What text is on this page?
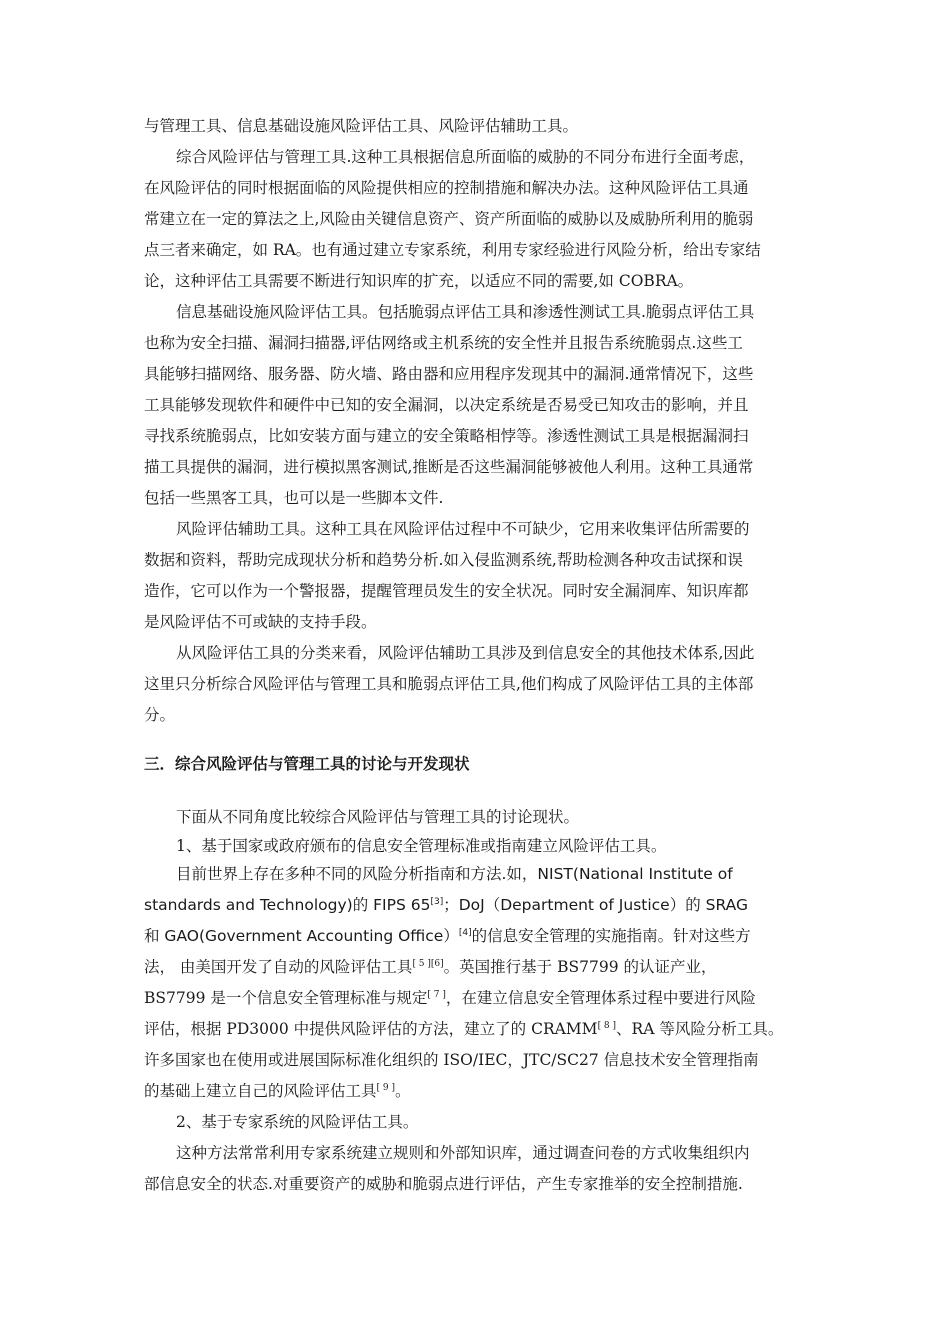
与管理工具、信息基础设施风险评估工具、风险评估辅助工具。
综合风险评估与管理工具.这种工具根据信息所面临的威胁的不同分布进行全面考虑，
在风险评估的同时根据面临的风险提供相应的控制措施和解决办法。这种风险评估工具通
常建立在一定的算法之上,风险由关键信息资产、资产所面临的威胁以及威胁所利用的脆弱
点三者来确定，如 RA。也有通过建立专家系统，利用专家经验进行风险分析，给出专家结
论，这种评估工具需要不断进行知识库的扩充，以适应不同的需要,如 COBRA。
信息基础设施风险评估工具。包括脆弱点评估工具和渗透性测试工具.脆弱点评估工具
也称为安全扫描、漏洞扫描器,评估网络或主机系统的安全性并且报告系统脆弱点.这些工
具能够扫描网络、服务器、防火墙、路由器和应用程序发现其中的漏洞.通常情况下，这些
工具能够发现软件和硬件中已知的安全漏洞，以决定系统是否易受已知攻击的影响，并且
寻找系统脆弱点，比如安装方面与建立的安全策略相悖等。渗透性测试工具是根据漏洞扫
描工具提供的漏洞，进行模拟黑客测试,推断是否这些漏洞能够被他人利用。这种工具通常
包括一些黑客工具，也可以是一些脚本文件.
风险评估辅助工具。这种工具在风险评估过程中不可缺少，它用来收集评估所需要的
数据和资料，帮助完成现状分析和趋势分析.如入侵监测系统,帮助检测各种攻击试探和误
造作，它可以作为一个警报器，提醒管理员发生的安全状况。同时安全漏洞库、知识库都
是风险评估不可或缺的支持手段。
从风险评估工具的分类来看，风险评估辅助工具涉及到信息安全的其他技术体系,因此
这里只分析综合风险评估与管理工具和脆弱点评估工具,他们构成了风险评估工具的主体部
分。
三．综合风险评估与管理工具的讨论与开发现状
下面从不同角度比较综合风险评估与管理工具的讨论现状。
1、基于国家或政府颁布的信息安全管理标准或指南建立风险评估工具。
目前世界上存在多种不同的风险分析指南和方法.如，NIST(National Institute of
standards and Technology)的 FIPS 65[3]；DoJ（Department of Justice）的 SRAG
和 GAO(Government Accounting Office）[4]的信息安全管理的实施指南。针对这些方
法， 由美国开发了自动的风险评估工具[ 5 ][6]。英国推行基于 BS7799 的认证产业，
BS7799 是一个信息安全管理标准与规定[ 7 ]，在建立信息安全管理体系过程中要进行风险
评估，根据 PD3000 中提供风险评估的方法，建立了的 CRAMM[ 8 ]、RA 等风险分析工具。
许多国家也在使用或进展国际标准化组织的 ISO/IEC，JTC/SC27 信息技术安全管理指南
的基础上建立自己的风险评估工具[ 9 ]。
2、基于专家系统的风险评估工具。
这种方法常常利用专家系统建立规则和外部知识库，通过调查问卷的方式收集组织内
部信息安全的状态.对重要资产的威胁和脆弱点进行评估，产生专家推举的安全控制措施.
